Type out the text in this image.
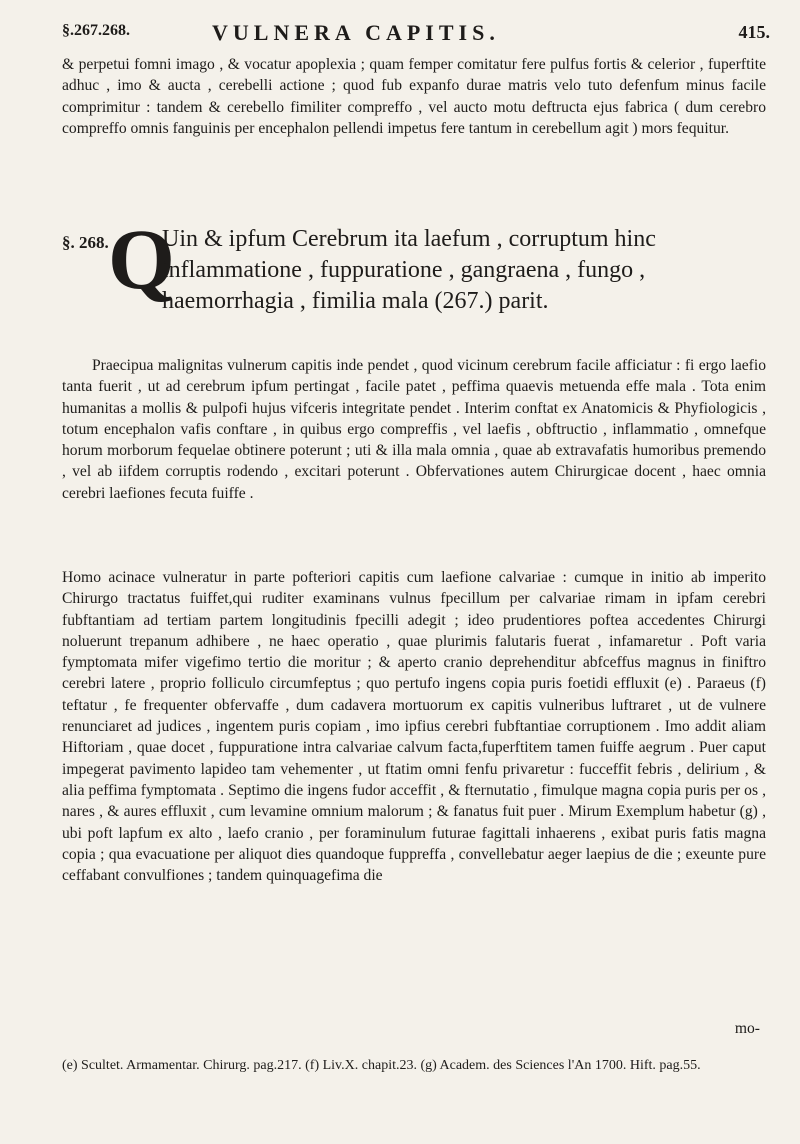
§.267.268.	VULNERA CAPITIS.	415.

& perpetui fomni imago , & vocatur apoplexia ; quam femper comitatur fere pulfus fortis & celerior , fuperftite adhuc , imo & aucta , cerebelli actione ; quod fub expanfo durae matris velo tuto defenfum minus facile comprimitur : tandem & cerebello fimiliter compreffo , vel aucto motu deftructa ejus fabrica ( dum cerebro compreffo omnis fanguinis per encephalon pellendi impetus fere tantum in cerebellum agit ) mors fequitur.

§. 268. Q

Uin & ipfum Cerebrum ita laefum , corruptum hinc inflammatione , fuppuratione , gangraena , fungo , haemorrhagia , fimilia mala (267.) parit.

Praecipua malignitas vulnerum capitis inde pendet , quod vicinum cerebrum facile afficiatur : fi ergo laefio tanta fuerit , ut ad cerebrum ipfum pertingat , facile patet , peffima quaevis metuenda effe mala . Tota enim humanitas a mollis & pulpofi hujus vifceris integritate pendet . Interim conftat ex Anatomicis & Phyfiologicis , totum encephalon vafis conftare , in quibus ergo compreffis , vel laefis , obftructio , inflammatio , omnefque horum morborum fequelae obtinere poterunt ; uti & illa mala omnia , quae ab extravafatis humoribus premendo , vel ab iifdem corruptis rodendo , excitari poterunt . Obfervationes autem Chirurgicae docent , haec omnia cerebri laefiones fecuta fuiffe .

Homo acinace vulneratur in parte pofteriori capitis cum laefione calvariae : cumque in initio ab imperito Chirurgo tractatus fuiffet,qui ruditer examinans vulnus fpecillum per calvariae rimam in ipfam cerebri fubftantiam ad tertiam partem longitudinis fpecilli adegit ; ideo prudentiores poftea accedentes Chirurgi noluerunt trepanum adhibere , ne haec operatio , quae plurimis falutaris fuerat , infamaretur . Poft varia fymptomata mifer vigefimo tertio die moritur ; & aperto cranio deprehenditur abfceffus magnus in finiftro cerebri latere , proprio folliculo circumfeptus ; quo pertufo ingens copia puris foetidi effluxit (e) . Paraeus (f) teftatur , fe frequenter obfervaffe , dum cadavera mortuorum ex capitis vulneribus luftraret , ut de vulnere renunciaret ad judices , ingentem puris copiam , imo ipfius cerebri fubftantiae corruptionem . Imo addit aliam Hiftoriam , quae docet , fuppuratione intra calvariae calvum facta,fuperftitem tamen fuiffe aegrum . Puer caput impegerat pavimento lapideo tam vehementer , ut ftatim omni fenfu privaretur : fucceffit febris , delirium , & alia peffima fymptomata . Septimo die ingens fudor acceffit , & fternutatio , fimulque magna copia puris per os , nares , & aures effluxit , cum levamine omnium malorum ; & fanatus fuit puer . Mirum Exemplum habetur (g) , ubi poft lapfum ex alto , laefo cranio , per foraminulum futurae fagittali inhaerens , exibat puris fatis magna copia ; qua evacuatione per aliquot dies quandoque fuppreffa , convellebatur aeger laepius de die ; exeunte pure ceffabant convulfiones ; tandem quinquagefima die

mo-

(e) Scultet. Armamentar. Chirurg. pag.217. (f) Liv.X. chapit.23. (g) Academ. des Sciences l'An 1700. Hift. pag.55.
